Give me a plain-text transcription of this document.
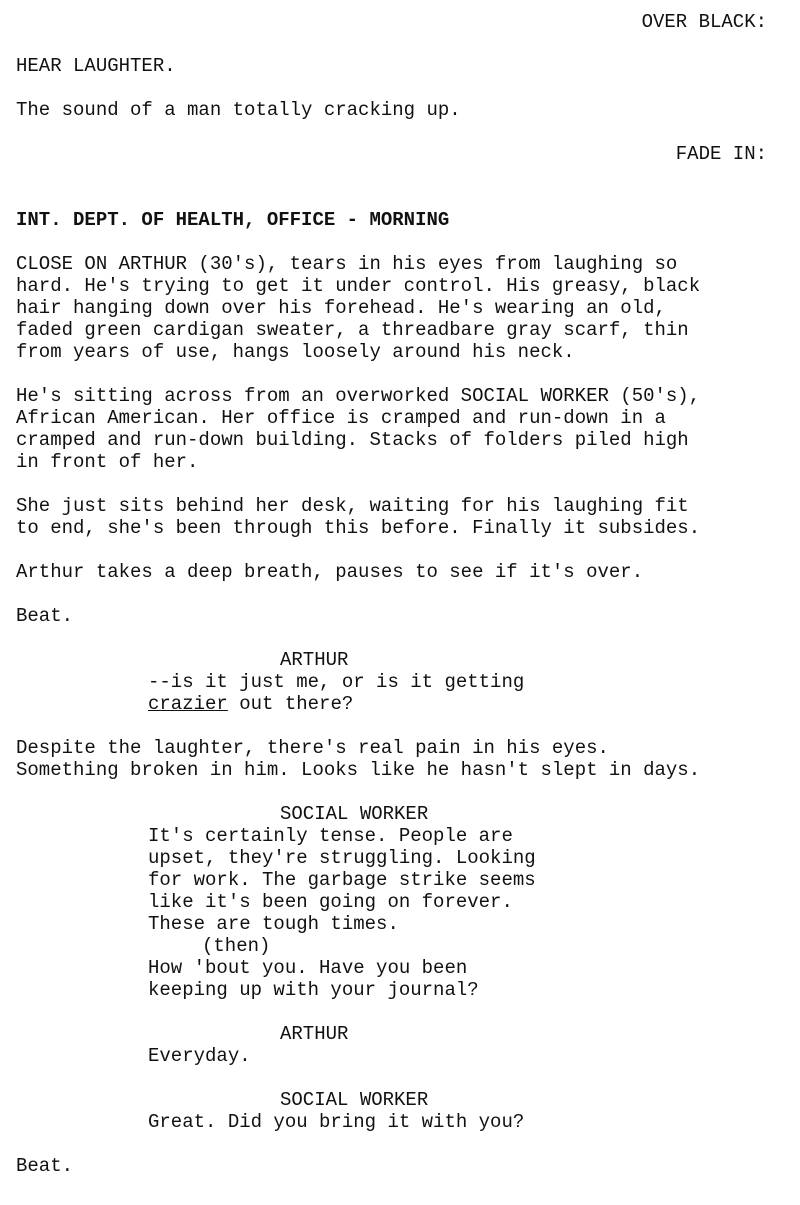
OVER BLACK:
HEAR LAUGHTER.
The sound of a man totally cracking up.
FADE IN:
INT. DEPT. OF HEALTH, OFFICE - MORNING
CLOSE ON ARTHUR (30's), tears in his eyes from laughing so
hard. He's trying to get it under control. His greasy, black
hair hanging down over his forehead. He's wearing an old,
faded green cardigan sweater, a threadbare gray scarf, thin
from years of use, hangs loosely around his neck.
He's sitting across from an overworked SOCIAL WORKER (50's),
African American. Her office is cramped and run-down in a
cramped and run-down building. Stacks of folders piled high
in front of her.
She just sits behind her desk, waiting for his laughing fit
to end, she's been through this before. Finally it subsides.
Arthur takes a deep breath, pauses to see if it's over.
Beat.
ARTHUR
--is it just me, or is it getting
crazier out there?
Despite the laughter, there's real pain in his eyes.
Something broken in him. Looks like he hasn't slept in days.
SOCIAL WORKER
It's certainly tense. People are
upset, they're struggling. Looking
for work. The garbage strike seems
like it's been going on forever.
These are tough times.
(then)
How 'bout you. Have you been
keeping up with your journal?
ARTHUR
Everyday.
SOCIAL WORKER
Great. Did you bring it with you?
Beat.
